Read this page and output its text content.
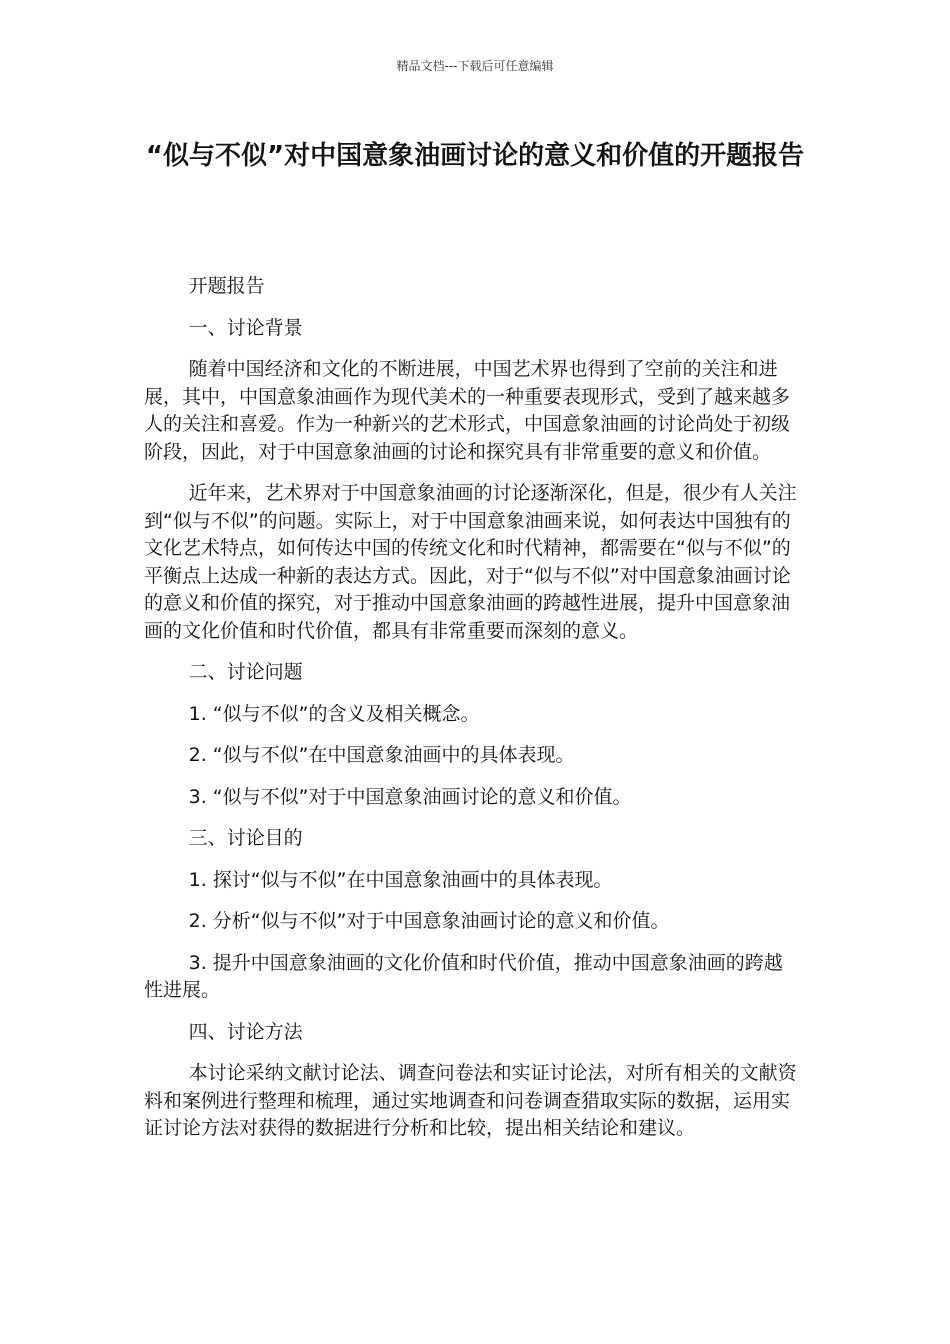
精品文档---下载后可任意编辑
“似与不似”对中国意象油画讨论的意义和价值的开题报告

开题报告

一、讨论背景

随着中国经济和文化的不断进展，中国艺术界也得到了空前的关注和进展，其中，中国意象油画作为现代美术的一种重要表现形式，受到了越来越多人的关注和喜爱。作为一种新兴的艺术形式，中国意象油画的讨论尚处于初级阶段，因此，对于中国意象油画的讨论和探究具有非常重要的意义和价值。

近年来，艺术界对于中国意象油画的讨论逐渐深化，但是，很少有人关注到“似与不似”的问题。实际上，对于中国意象油画来说，如何表达中国独有的文化艺术特点，如何传达中国的传统文化和时代精神，都需要在“似与不似”的平衡点上达成一种新的表达方式。因此，对于“似与不似”对中国意象油画讨论的意义和价值的探究，对于推动中国意象油画的跨越性进展，提升中国意象油画的文化价值和时代价值，都具有非常重要而深刻的意义。

二、讨论问题

1. “似与不似”的含义及相关概念。

2. “似与不似”在中国意象油画中的具体表现。

3. “似与不似”对于中国意象油画讨论的意义和价值。

三、讨论目的

1. 探讨“似与不似”在中国意象油画中的具体表现。

2. 分析“似与不似”对于中国意象油画讨论的意义和价值。

3. 提升中国意象油画的文化价值和时代价值，推动中国意象油画的跨越性进展。

四、讨论方法

本讨论采纳文献讨论法、调查问卷法和实证讨论法，对所有相关的文献资料和案例进行整理和梳理，通过实地调查和问卷调查猎取实际的数据，运用实证讨论方法对获得的数据进行分析和比较，提出相关结论和建议。
